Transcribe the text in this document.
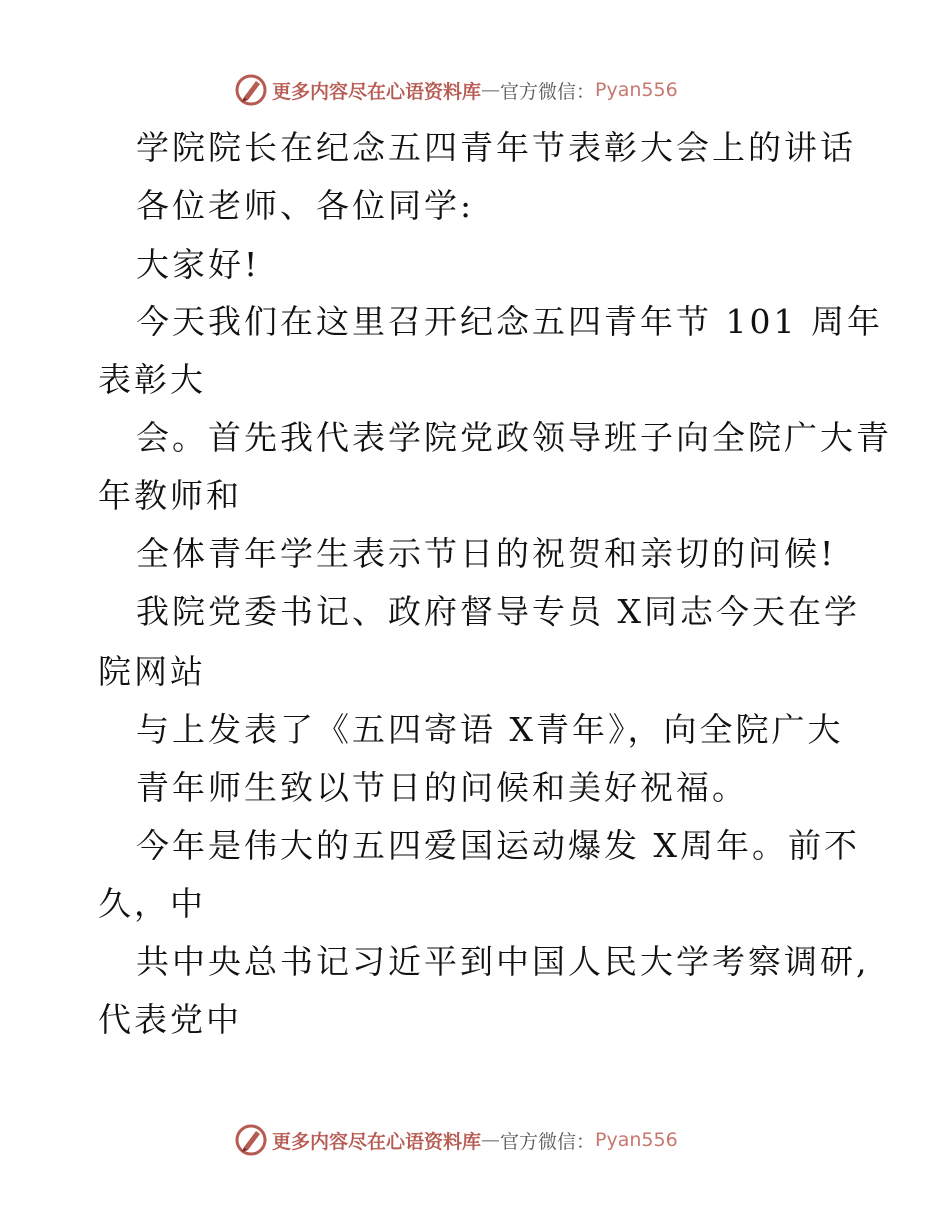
更多内容尽在心语资料库 — 官方微信： Pyan556
学院院长在纪念五四青年节表彰大会上的讲话
各位老师、各位同学:
大家好!
今天我们在这里召开纪念五四青年节 101 周年
表彰大
会。首先我代表学院党政领导班子向全院广大青
年教师和
全体青年学生表示节日的祝贺和亲切的问候!
我院党委书记、政府督导专员 X同志今天在学
院网站
与上发表了《五四寄语 X青年》，向全院广大
青年师生致以节日的问候和美好祝福。
今年是伟大的五四爱国运动爆发 X周年。前不
久，中
共中央总书记习近平到中国人民大学考察调研,
代表党中
更多内容尽在心语资料库 — 官方微信： Pyan556
